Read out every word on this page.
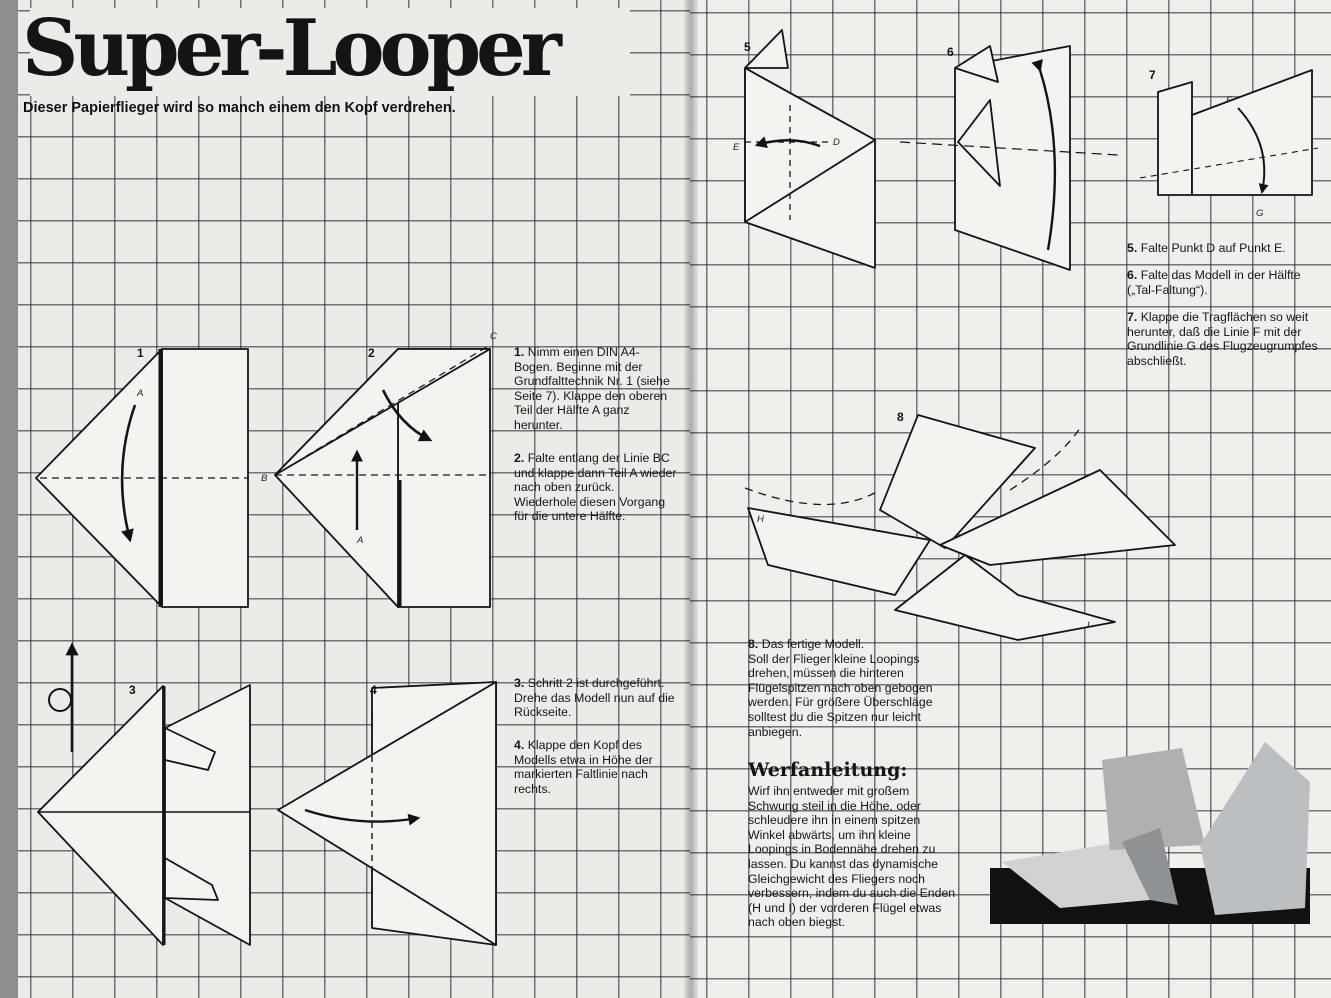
Super-Looper
Dieser Papierflieger wird so manch einem den Kopf verdrehen.
1	2
3	4
5	6
7
8
A
A
B
C
D
E
F
G
H
I

1. Nimm einen DIN A4-Bogen. Beginne mit der Grundfalttechnik Nr. 1 (siehe Seite 7). Klappe den oberen Teil der Hälfte A ganz herunter.

2. Falte entlang der Linie BC und klappe dann Teil A wieder nach oben zurück. Wiederhole diesen Vorgang für die untere Hälfte.

3. Schritt 2 ist durchgeführt. Drehe das Modell nun auf die Rückseite.

4. Klappe den Kopf des Modells etwa in Höhe der markierten Faltlinie nach rechts.

5. Falte Punkt D auf Punkt E.

6. Falte das Modell in der Hälfte („Tal-Faltung“).

7. Klappe die Tragflächen so weit herunter, daß die Linie F mit der Grundlinie G des Flugzeugrumpfes abschließt.

8. Das fertige Modell.
Soll der Flieger kleine Loopings drehen, müssen die hinteren Flügelspitzen nach oben gebogen werden. Für größere Überschläge solltest du die Spitzen nur leicht anbiegen.

Werfanleitung:

Wirf ihn entweder mit großem Schwung steil in die Höhe, oder schleudere ihn in einem spitzen Winkel abwärts, um ihn kleine Loopings in Bodennähe drehen zu lassen. Du kannst das dynamische Gleichgewicht des Fliegers noch verbessern, indem du auch die Enden (H und I) der vorderen Flügel etwas nach oben biegst.
